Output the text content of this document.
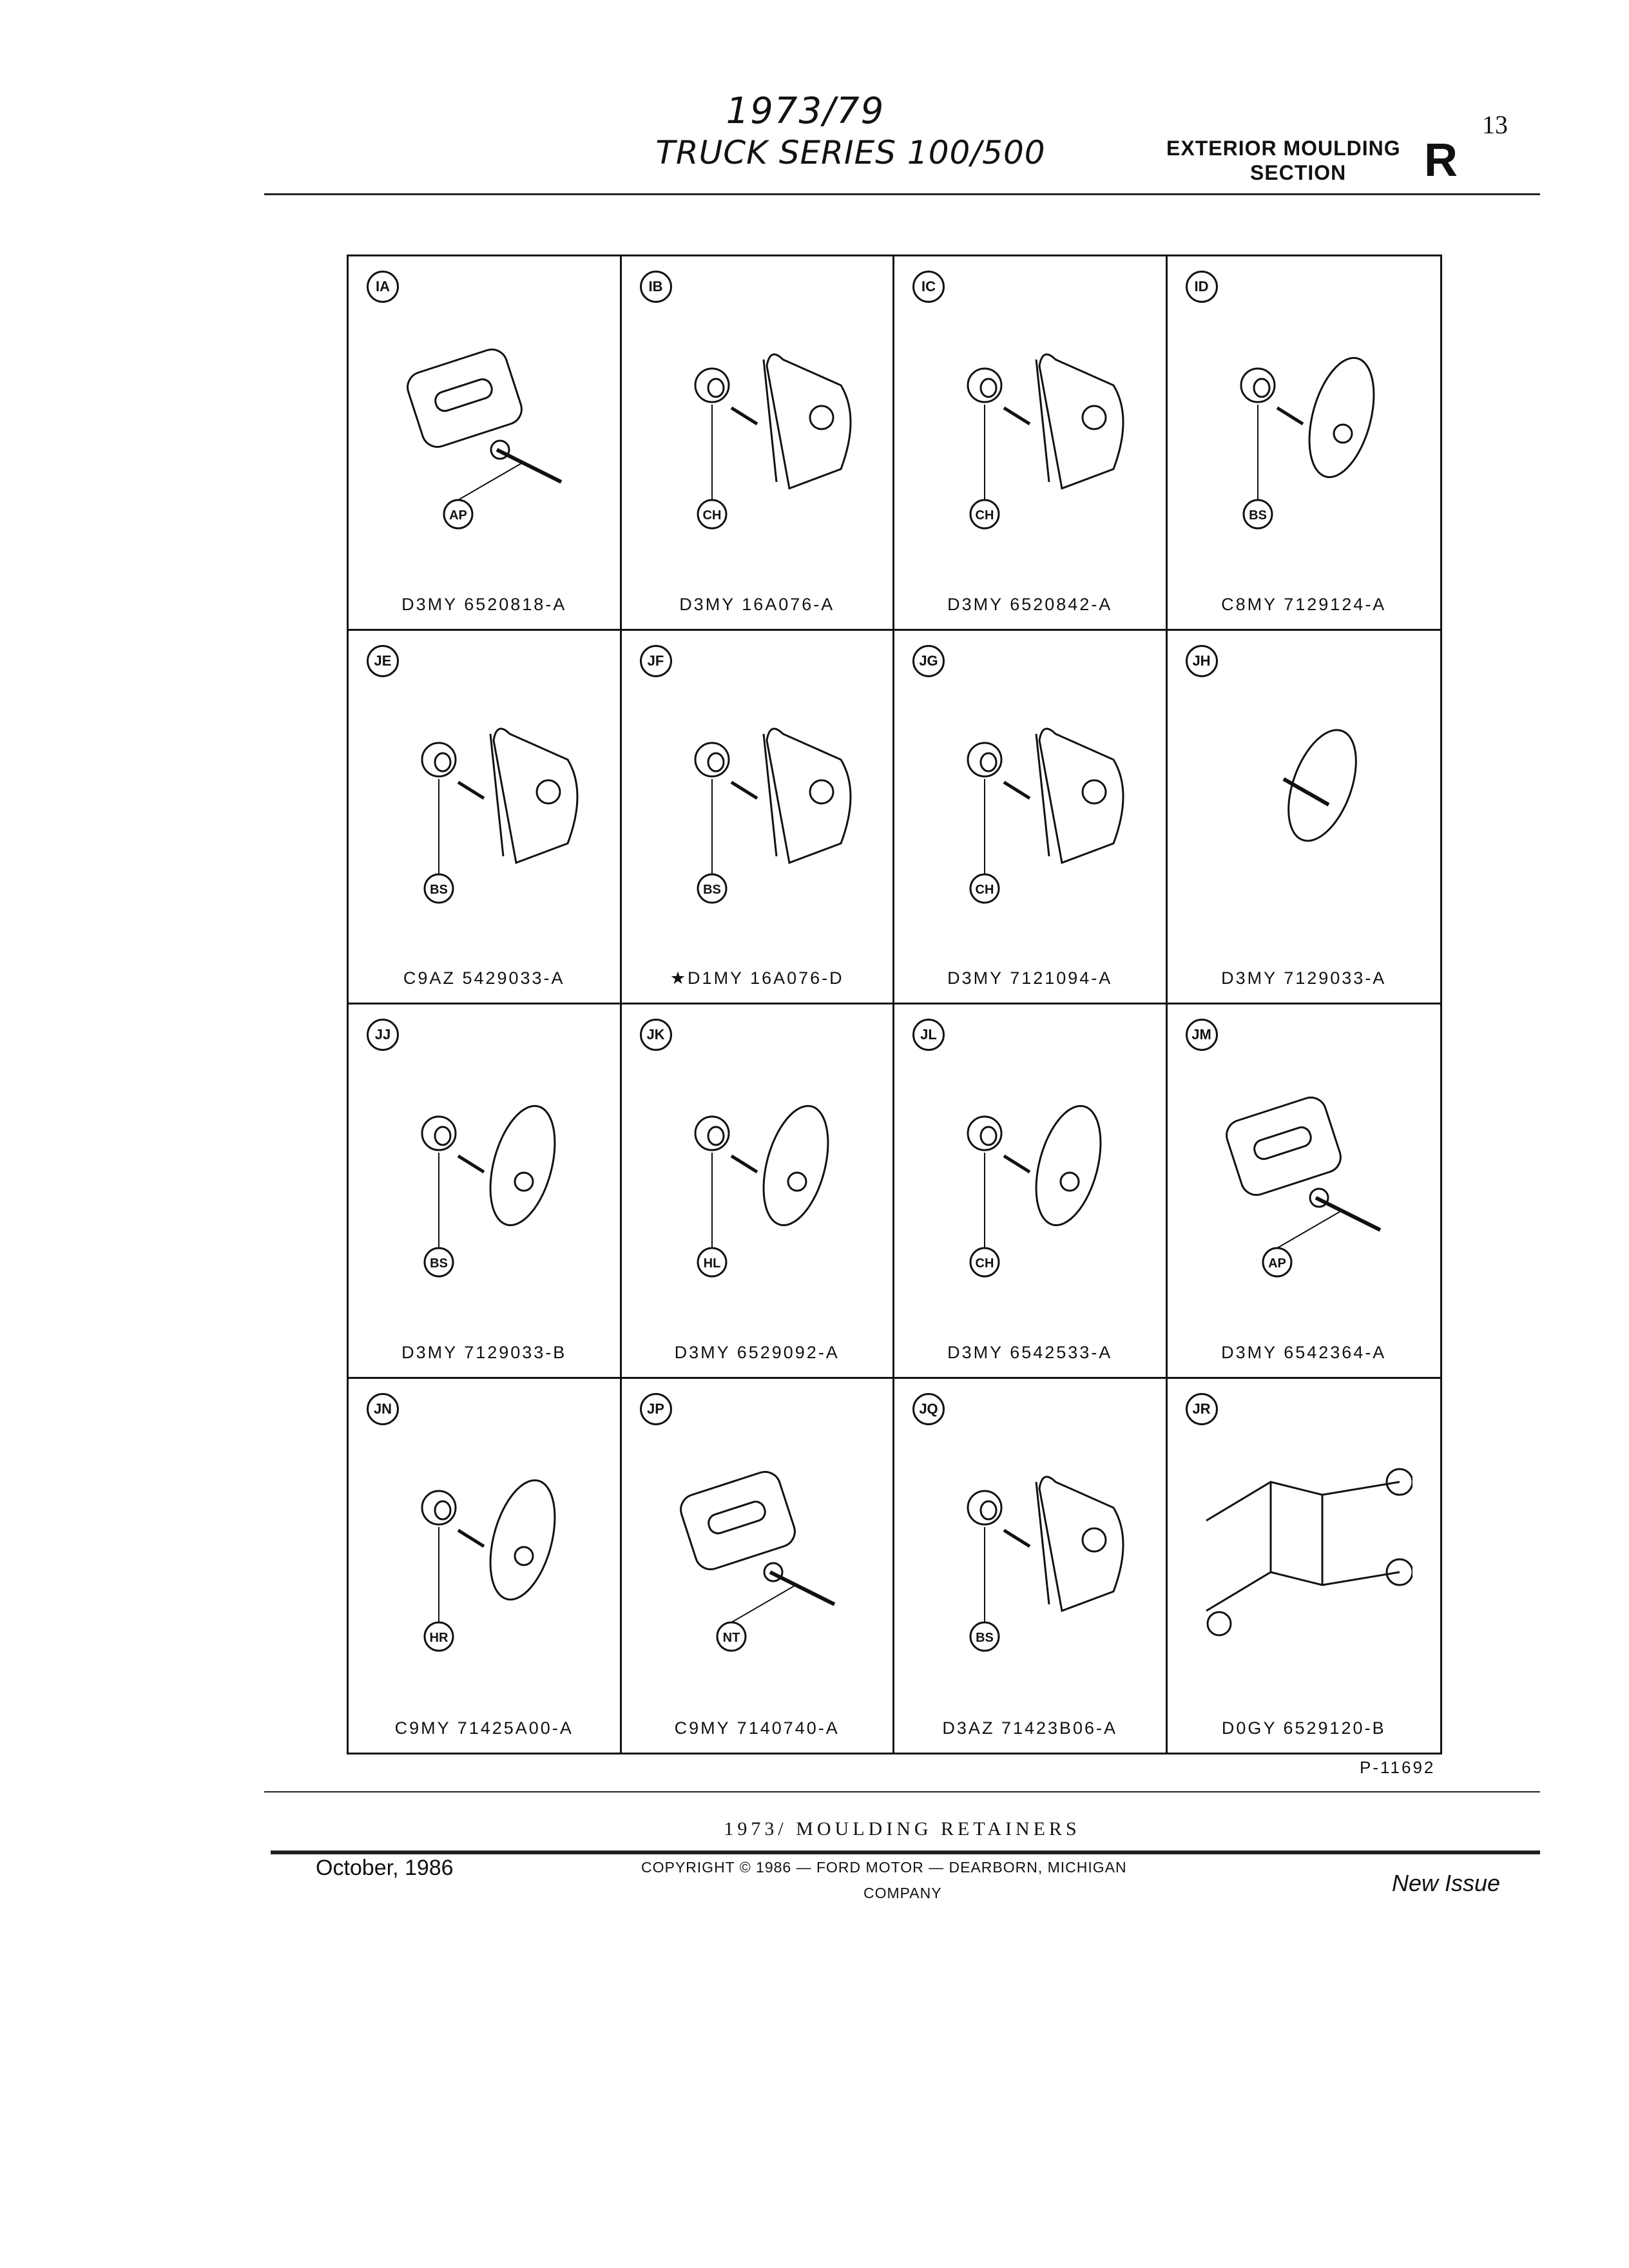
1973/79
TRUCK SERIES 100/500
13
EXTERIOR MOULDING
SECTION R
IA
AP
D3MY 6520818-A
IB
CH
D3MY 16A076-A
IC
CH
D3MY 6520842-A
ID
BS
C8MY 7129124-A
JE
BS
C9AZ 5429033-A
JF
BS
★D1MY 16A076-D
JG
CH
D3MY 7121094-A
JH
D3MY 7129033-A
JJ
BS
D3MY 7129033-B
JK
HL
D3MY 6529092-A
JL
CH
D3MY 6542533-A
JM
AP
D3MY 6542364-A
JN
HR
C9MY 71425A00-A
JP
NT
C9MY 7140740-A
JQ
BS
D3AZ 71423B06-A
JR
D0GY 6529120-B
P-11692
1973/ MOULDING RETAINERS
October, 1986	COPYRIGHT © 1986 — FORD MOTOR — DEARBORN, MICHIGAN
COMPANY	New Issue
